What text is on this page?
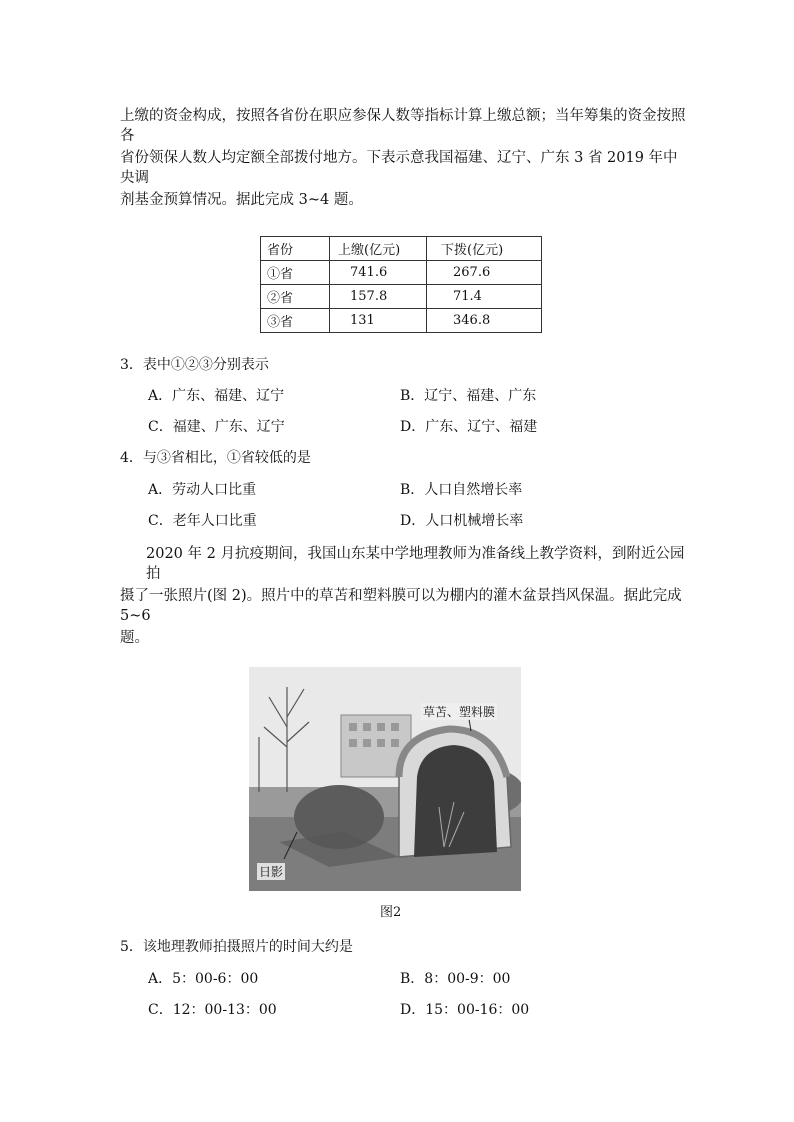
上缴的资金构成，按照各省份在职应参保人数等指标计算上缴总额；当年筹集的资金按照各
省份领保人数人均定额全部拨付地方。下表示意我国福建、辽宁、广东 3 省 2019 年中央调
剂基金预算情况。据此完成 3~4 题。
省份	上缴(亿元)	下拨(亿元)
①省	741.6	267.6
②省	157.8	71.4
③省	131	346.8
3．表中①②③分别表示
A．广东、福建、辽宁	B．辽宁、福建、广东
C．福建、广东、辽宁	D．广东、辽宁、福建
4．与③省相比，①省较低的是
A．劳动人口比重	B．人口自然增长率
C．老年人口比重	D．人口机械增长率
2020 年 2 月抗疫期间，我国山东某中学地理教师为准备线上教学资料，到附近公园拍
摄了一张照片(图 2)。照片中的草苫和塑料膜可以为棚内的灌木盆景挡风保温。据此完成 5~6
题。
草苫、塑料膜
日影
图2
5．该地理教师拍摄照片的时间大约是
A．5：00-6：00	B．8：00-9：00
C．12：00-13：00	D．15：00-16：00
